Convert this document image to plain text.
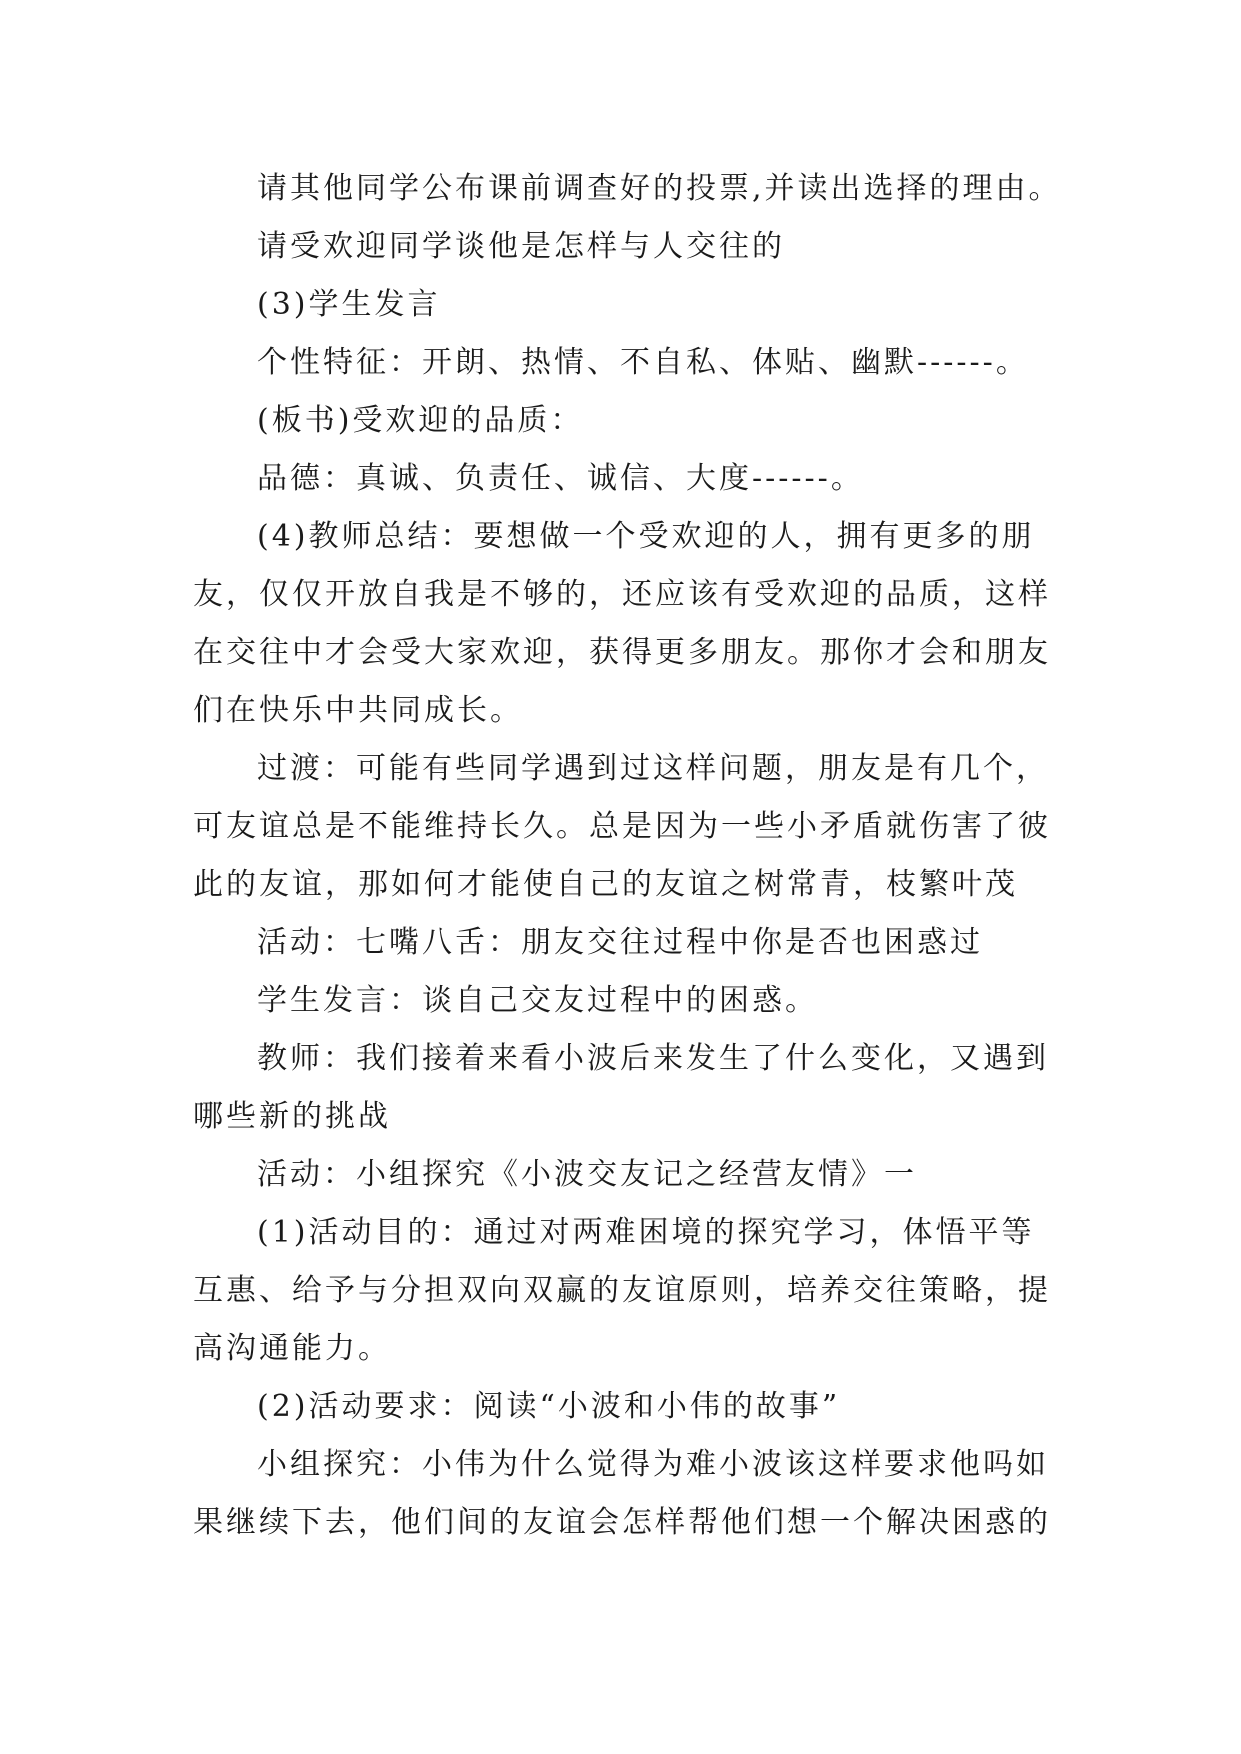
请其他同学公布课前调查好的投票,并读出选择的理由。
请受欢迎同学谈他是怎样与人交往的
(3)学生发言
个性特征：开朗、热情、不自私、体贴、幽默------。
(板书)受欢迎的品质：
品德：真诚、负责任、诚信、大度------。
(4)教师总结：要想做一个受欢迎的人，拥有更多的朋
友，仅仅开放自我是不够的，还应该有受欢迎的品质，这样
在交往中才会受大家欢迎，获得更多朋友。那你才会和朋友
们在快乐中共同成长。
过渡：可能有些同学遇到过这样问题，朋友是有几个，
可友谊总是不能维持长久。总是因为一些小矛盾就伤害了彼
此的友谊，那如何才能使自己的友谊之树常青，枝繁叶茂
活动：七嘴八舌：朋友交往过程中你是否也困惑过
学生发言：谈自己交友过程中的困惑。
教师：我们接着来看小波后来发生了什么变化，又遇到
哪些新的挑战
活动：小组探究《小波交友记之经营友情》一
(1)活动目的：通过对两难困境的探究学习，体悟平等
互惠、给予与分担双向双赢的友谊原则，培养交往策略，提
高沟通能力。
(2)活动要求：阅读“小波和小伟的故事”
小组探究：小伟为什么觉得为难小波该这样要求他吗如
果继续下去，他们间的友谊会怎样帮他们想一个解决困惑的
